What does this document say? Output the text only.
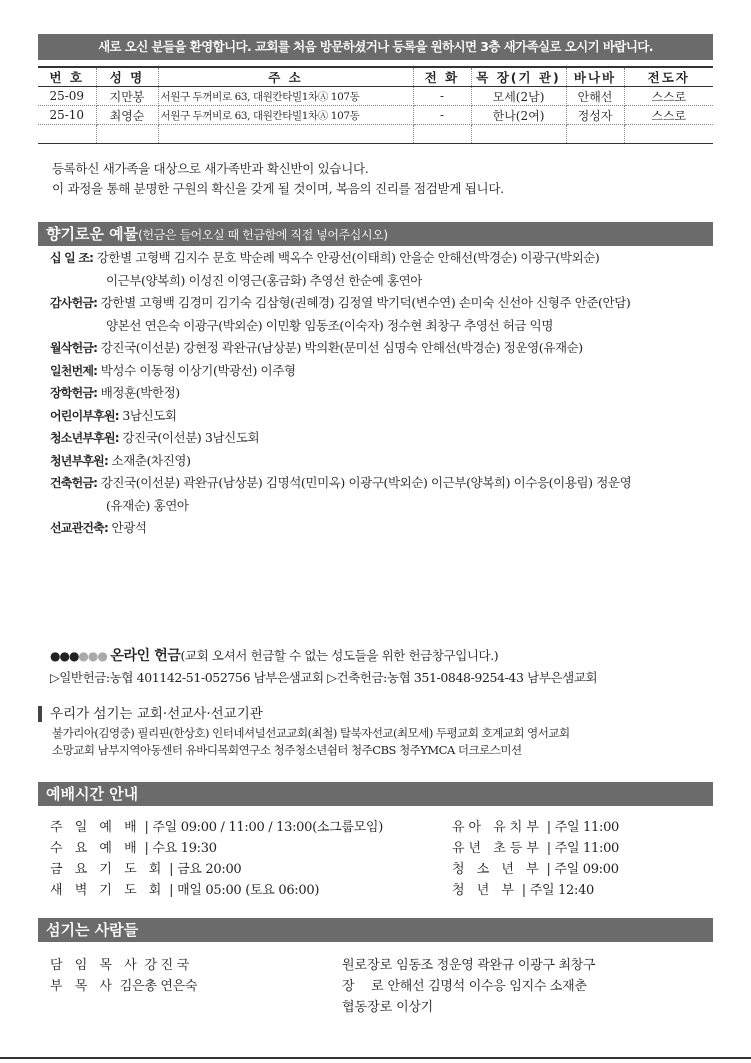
새로 오신 분들을 환영합니다. 교회를 처음 방문하셨거나 등록을 원하시면 3층 새가족실로 오시기 바랍니다.
번 호	성 명	주 소	전 화	목 장(기 관)	바나바	전도자
25-09	지만봉	서원구 두꺼비로 63, 대원칸타빌1차Ⓐ 107동	-	모세(2남)	안해선	스스로
25-10	최영순	서원구 두꺼비로 63, 대원칸타빌1차Ⓐ 107동	-	한나(2여)	정성자	스스로

등록하신 새가족을 대상으로 새가족반과 확신반이 있습니다.
이 과정을 통해 분명한 구원의 확신을 갖게 될 것이며, 복음의 진리를 점검받게 됩니다.
향기로운 예물(헌금은 들어오실 때 헌금함에 직접 넣어주십시오)
십 일 조: 강한별 고형백 김지수 문호 박순례 백옥수 안광선(이태희) 안을순 안해선(박경순) 이광구(박외순)
이근부(양복희) 이성진 이영근(홍금화) 추영선 한순예 홍연아
감사헌금: 강한별 고형백 김경미 김기숙 김삼형(권혜경) 김정열 박기덕(변수연) 손미숙 신선아 신형주 안준(안담)
양본선 연은숙 이광구(박외순) 이민황 임동조(이숙자) 정수현 최창구 추영선 허금 익명
월삭헌금: 강진국(이선분) 강현정 곽완규(남상분) 박의환(문미선 심명숙 안해선(박경순) 정운영(유재순)
일천번제: 박성수 이동형 이상기(박광선) 이주형
장학헌금: 배정훈(박한정)
어린이부후원: 3남신도회
청소년부후원: 강진국(이선분) 3남신도회
청년부후원: 소재춘(차진영)
건축헌금: 강진국(이선분) 곽완규(남상분) 김명석(민미옥) 이광구(박외순) 이근부(양복희) 이수응(이용림) 정운영
(유재순) 홍연아
선교관건축: 안광석
●●●●●● 온라인 헌금(교회 오셔서 헌금할 수 없는 성도들을 위한 헌금창구입니다.)
▷일반헌금:농협 401142-51-052756 남부은샘교회 ▷건축헌금:농협 351-0848-9254-43 남부은샘교회
우리가 섬기는 교회·선교사·선교기관
불가리아(김영중) 필리핀(한상호) 인터네셔널선교교회(최철) 탈북자선교(최모세) 두평교회 호계교회 영서교회
소망교회 남부지역아동센터 유바디목회연구소 청주청소년쉼터 청주CBS 청주YMCA 더크로스미션
예배시간 안내
주 일 예 배 | 주일 09:00 / 11:00 / 13:00(소그룹모임)
수 요 예 배 | 수요 19:30
금 요 기 도 회 | 금요 20:00
새 벽 기 도 회 | 매일 05:00 (토요 06:00)
유아 유치부 | 주일 11:00
유년 초등부 | 주일 11:00
청 소 년 부 | 주일 09:00
청 년 부 | 주일 12:40
섬기는 사람들
담 임 목 사 강 진 국
부 목 사 김은총 연은숙
원로장로 임동조 정운영 곽완규 이광구 최창구
장    로 안해선 김명석 이수응 임지수 소재춘
협동장로 이상기
